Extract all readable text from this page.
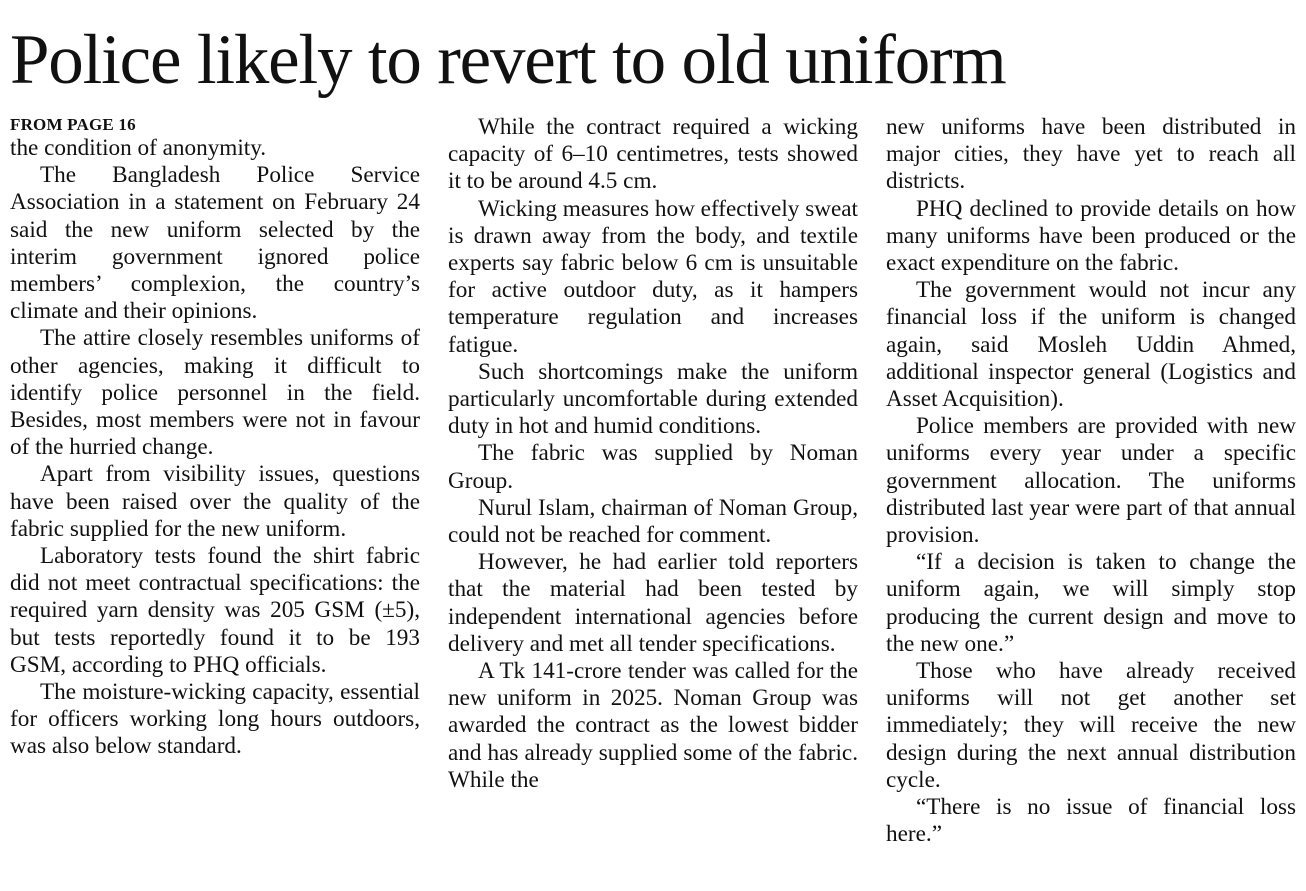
Police likely to revert to old uniform
FROM PAGE 16

the condition of anonymity.

The Bangladesh Police Service Association in a statement on February 24 said the new uniform selected by the interim government ignored police members’ complexion, the country’s climate and their opinions.

The attire closely resembles uniforms of other agencies, making it difficult to identify police personnel in the field. Besides, most members were not in favour of the hurried change.

Apart from visibility issues, questions have been raised over the quality of the fabric supplied for the new uniform.

Laboratory tests found the shirt fabric did not meet contractual specifications: the required yarn density was 205 GSM (±5), but tests reportedly found it to be 193 GSM, according to PHQ officials.

The moisture-wicking capacity, essential for officers working long hours outdoors, was also below standard.

While the contract required a wicking capacity of 6–10 centimetres, tests showed it to be around 4.5 cm.

Wicking measures how effectively sweat is drawn away from the body, and textile experts say fabric below 6 cm is unsuitable for active outdoor duty, as it hampers temperature regulation and increases fatigue.

Such shortcomings make the uniform particularly uncomfortable during extended duty in hot and humid conditions.

The fabric was supplied by Noman Group.

Nurul Islam, chairman of Noman Group, could not be reached for comment.

However, he had earlier told reporters that the material had been tested by independent international agencies before delivery and met all tender specifications.

A Tk 141-crore tender was called for the new uniform in 2025. Noman Group was awarded the contract as the lowest bidder and has already supplied some of the fabric. While the

new uniforms have been distributed in major cities, they have yet to reach all districts.

PHQ declined to provide details on how many uniforms have been produced or the exact expenditure on the fabric.

The government would not incur any financial loss if the uniform is changed again, said Mosleh Uddin Ahmed, additional inspector general (Logistics and Asset Acquisition).

Police members are provided with new uniforms every year under a specific government allocation. The uniforms distributed last year were part of that annual provision.

“If a decision is taken to change the uniform again, we will simply stop producing the current design and move to the new one.”

Those who have already received uniforms will not get another set immediately; they will receive the new design during the next annual distribution cycle.

“There is no issue of financial loss here.”
